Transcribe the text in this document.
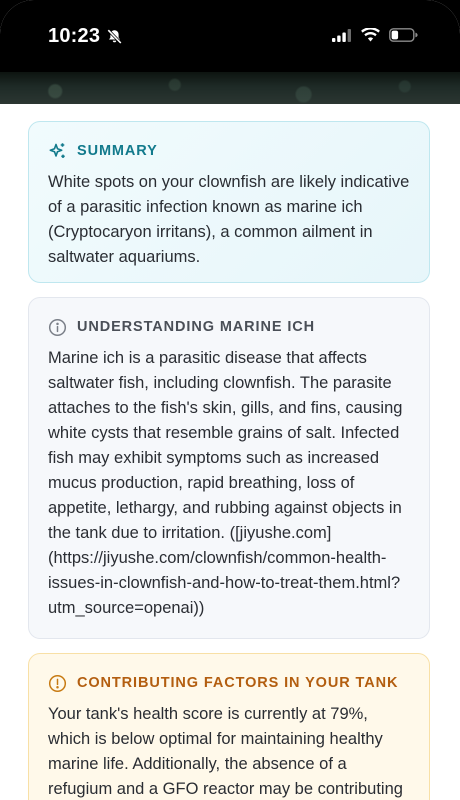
10:23
SUMMARY

White spots on your clownfish are likely indicative of a parasitic infection known as marine ich (Cryptocaryon irritans), a common ailment in saltwater aquariums.

UNDERSTANDING MARINE ICH

Marine ich is a parasitic disease that affects saltwater fish, including clownfish. The parasite attaches to the fish's skin, gills, and fins, causing white cysts that resemble grains of salt. Infected fish may exhibit symptoms such as increased mucus production, rapid breathing, loss of appetite, lethargy, and rubbing against objects in the tank due to irritation. ([jiyushe.com](https://jiyushe.com/clownfish/common-health-issues-in-clownfish-and-how-to-treat-them.html?utm_source=openai))

CONTRIBUTING FACTORS IN YOUR TANK

Your tank's health score is currently at 79%, which is below optimal for maintaining healthy marine life. Additionally, the absence of a refugium and a GFO reactor may be contributing
